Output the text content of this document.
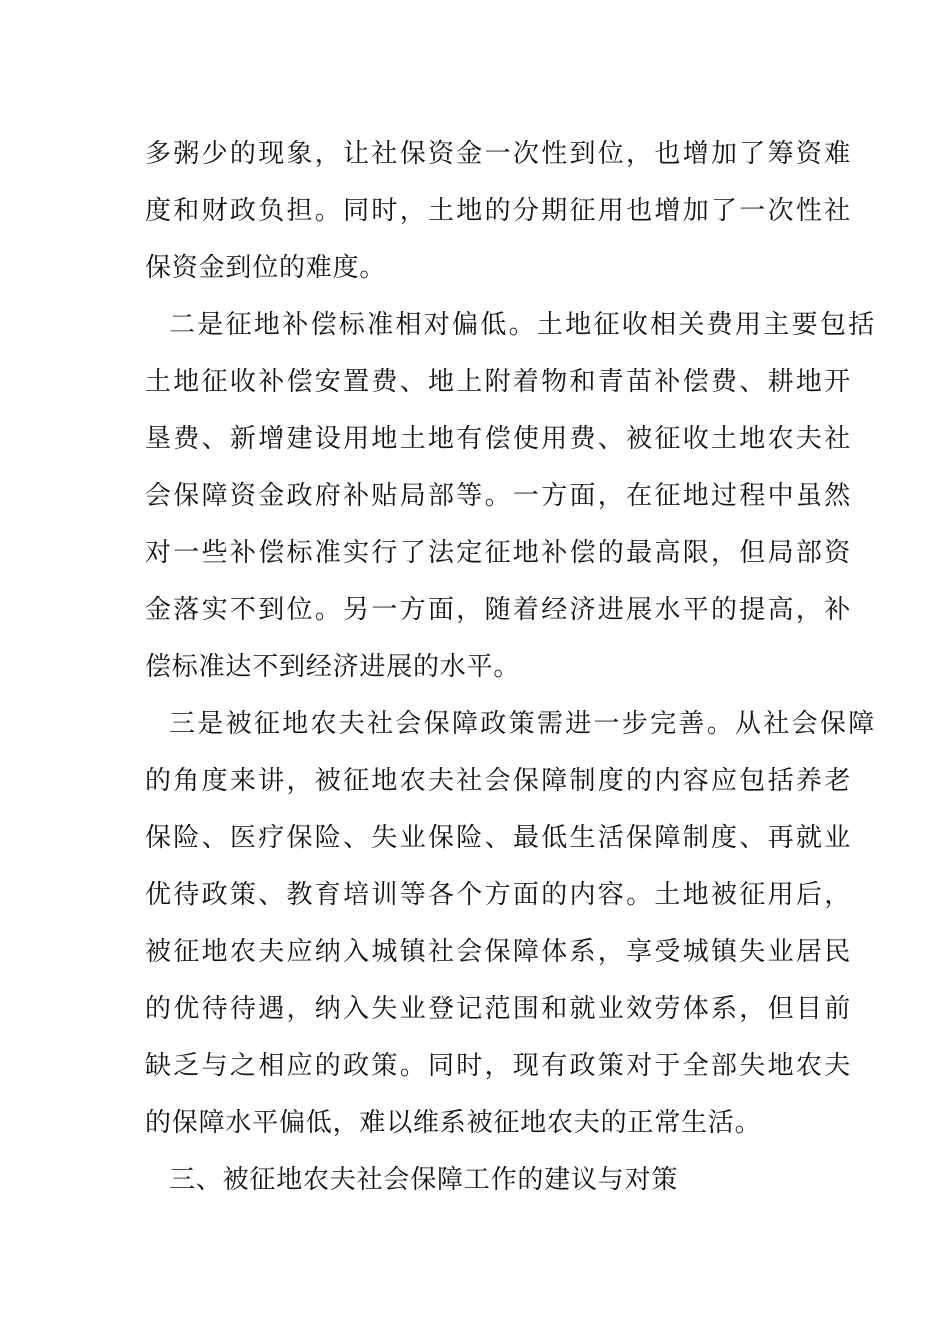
多粥少的现象，让社保资金一次性到位，也增加了筹资难
度和财政负担。同时，土地的分期征用也增加了一次性社
保资金到位的难度。
二是征地补偿标准相对偏低。土地征收相关费用主要包括
土地征收补偿安置费、地上附着物和青苗补偿费、耕地开
垦费、新增建设用地土地有偿使用费、被征收土地农夫社
会保障资金政府补贴局部等。一方面，在征地过程中虽然
对一些补偿标准实行了法定征地补偿的最高限，但局部资
金落实不到位。另一方面，随着经济进展水平的提高，补
偿标准达不到经济进展的水平。
三是被征地农夫社会保障政策需进一步完善。从社会保障
的角度来讲，被征地农夫社会保障制度的内容应包括养老
保险、医疗保险、失业保险、最低生活保障制度、再就业
优待政策、教育培训等各个方面的内容。土地被征用后，
被征地农夫应纳入城镇社会保障体系，享受城镇失业居民
的优待待遇，纳入失业登记范围和就业效劳体系，但目前
缺乏与之相应的政策。同时，现有政策对于全部失地农夫
的保障水平偏低，难以维系被征地农夫的正常生活。
三、被征地农夫社会保障工作的建议与对策
